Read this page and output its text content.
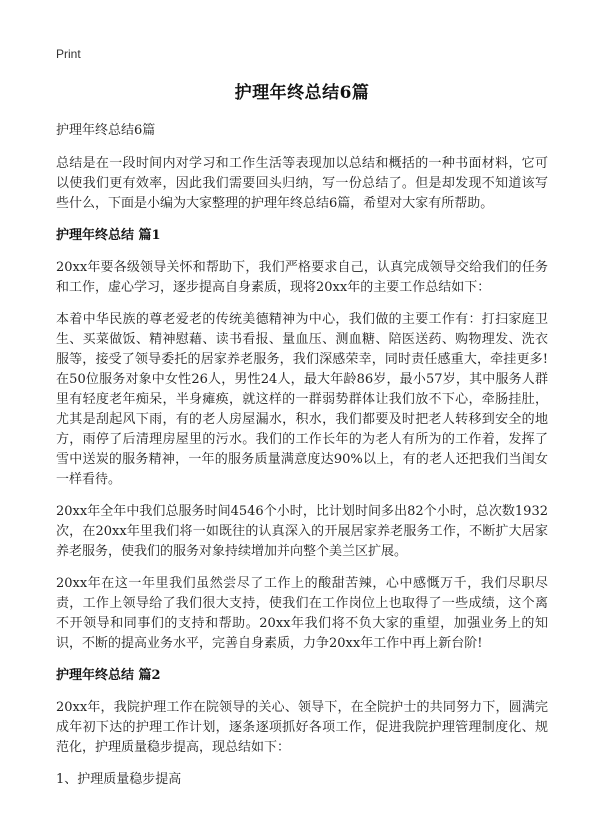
Print
护理年终总结6篇

护理年终总结6篇

总结是在一段时间内对学习和工作生活等表现加以总结和概括的一种书面材料，它可以使我们更有效率，因此我们需要回头归纳，写一份总结了。但是却发现不知道该写些什么，下面是小编为大家整理的护理年终总结6篇，希望对大家有所帮助。

护理年终总结 篇1

20xx年要各级领导关怀和帮助下，我们严格要求自己，认真完成领导交给我们的任务和工作，虚心学习，逐步提高自身素质，现将20xx年的主要工作总结如下：

本着中华民族的尊老爱老的传统美德精神为中心，我们做的主要工作有：打扫家庭卫生、买菜做饭、精神慰藉、读书看报、量血压、测血糖、陪医送药、购物理发、洗衣服等，接受了领导委托的居家养老服务，我们深感荣幸，同时责任感重大，牵挂更多!在50位服务对象中女性26人，男性24人，最大年龄86岁，最小57岁，其中服务人群里有轻度老年痴呆，半身瘫痪，就这样的一群弱势群体让我们放不下心，牵肠挂肚，尤其是刮起风下雨，有的老人房屋漏水，积水，我们都要及时把老人转移到安全的地方，雨停了后清理房屋里的污水。我们的工作长年的为老人有所为的工作着，发挥了雪中送炭的服务精神，一年的服务质量满意度达90%以上，有的老人还把我们当闺女一样看待。

20xx年全年中我们总服务时间4546个小时，比计划时间多出82个小时，总次数1932次，在20xx年里我们将一如既往的认真深入的开展居家养老服务工作，不断扩大居家养老服务，使我们的服务对象持续增加并向整个美兰区扩展。

20xx年在这一年里我们虽然尝尽了工作上的酸甜苦辣，心中感慨万千，我们尽职尽责，工作上领导给了我们很大支持，使我们在工作岗位上也取得了一些成绩，这个离不开领导和同事们的支持和帮助。20xx年我们将不负大家的重望，加强业务上的知识，不断的提高业务水平，完善自身素质，力争20xx年工作中再上新台阶!

护理年终总结 篇2

20xx年，我院护理工作在院领导的关心、领导下，在全院护士的共同努力下，圆满完成年初下达的护理工作计划，逐条逐项抓好各项工作，促进我院护理管理制度化、规范化，护理质量稳步提高，现总结如下：

1、护理质量稳步提高
